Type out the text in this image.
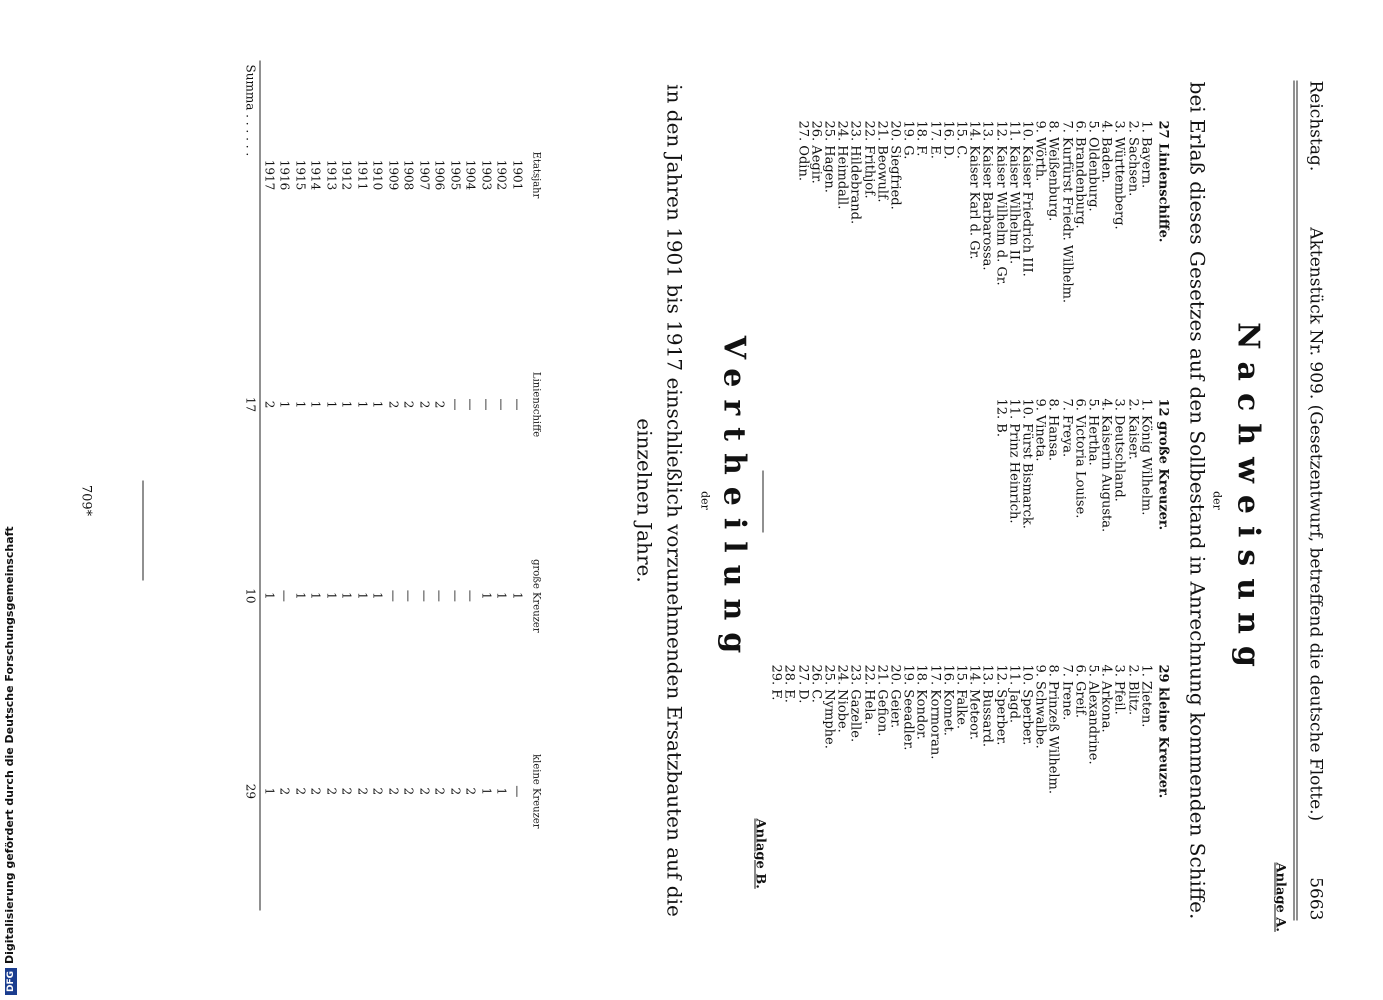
Reichstag.
Aktenstück Nr. 909. (Gesetzentwurf, betreffend die deutsche Flotte.)
5663
Anlage A.
Nachweisung
der
bei Erlaß dieses Gesetzes auf den Sollbestand in Anrechnung kommenden Schiffe.
27 Linienschiffe.
1. Bayern.
2. Sachsen.
3. Württemberg.
4. Baden.
5. Oldenburg.
6. Brandenburg.
7. Kurfürst Friedr. Wilhelm.
8. Weißenburg.
9. Wörth.
10. Kaiser Friedrich III.
11. Kaiser Wilhelm II.
12. Kaiser Wilhelm d. Gr.
13. Kaiser Barbarossa.
14. Kaiser Karl d. Gr.
15. C.
16. D.
17. E.
18. F.
19. G.
20. Siegfried.
21. Beowulf.
22. Frithjof.
23. Hildebrand.
24. Heimdall.
25. Hagen.
26. Aegir.
27. Odin.
12 große Kreuzer.
1. König Wilhelm.
2. Kaiser.
3. Deutschland.
4. Kaiserin Augusta.
5. Hertha.
6. Victoria Louise.
7. Freya.
8. Hansa.
9. Vineta.
10. Fürst Bismarck.
11. Prinz Heinrich.
12. B.
29 kleine Kreuzer.
1. Zieten.
2. Blitz.
3. Pfeil.
4. Arkona.
5. Alexandrine.
6. Greif.
7. Irene.
8. Prinzeß Wilhelm.
9. Schwalbe.
10. Sperber.
11. Jagd.
12. Sperber.
13. Bussard.
14. Meteor.
15. Falke.
16. Komet.
17. Kormoran.
18. Kondor.
19. Seeadler.
20. Geier.
21. Gefion.
22. Hela.
23. Gazelle.
24. Niobe.
25. Nymphe.
26. C.
27. D.
28. E.
29. F.
Anlage B.
Vertheilung
der
in den Jahren 1901 bis 1917 einschließlich vorzunehmenden Ersatzbauten auf die einzelnen Jahre.
Etatsjahr	Linienschiffe	große Kreuzer	kleine Kreuzer
1901	—	1	—
1902	—	1	1
1903	—	1	1
1904	—	—	2
1905	—	—	2
1906	2	—	2
1907	2	—	2
1908	2	—	2
1909	2	—	2
1910	1	1	2
1911	1	1	2
1912	1	1	2
1913	1	1	2
1914	1	1	2
1915	1	1	2
1916	1	—	2
1917	2	1	1
Summa . . . . . .	17	10	29
709*
DFGDigitalisierung gefördert durch die Deutsche Forschungsgemeinschaft
